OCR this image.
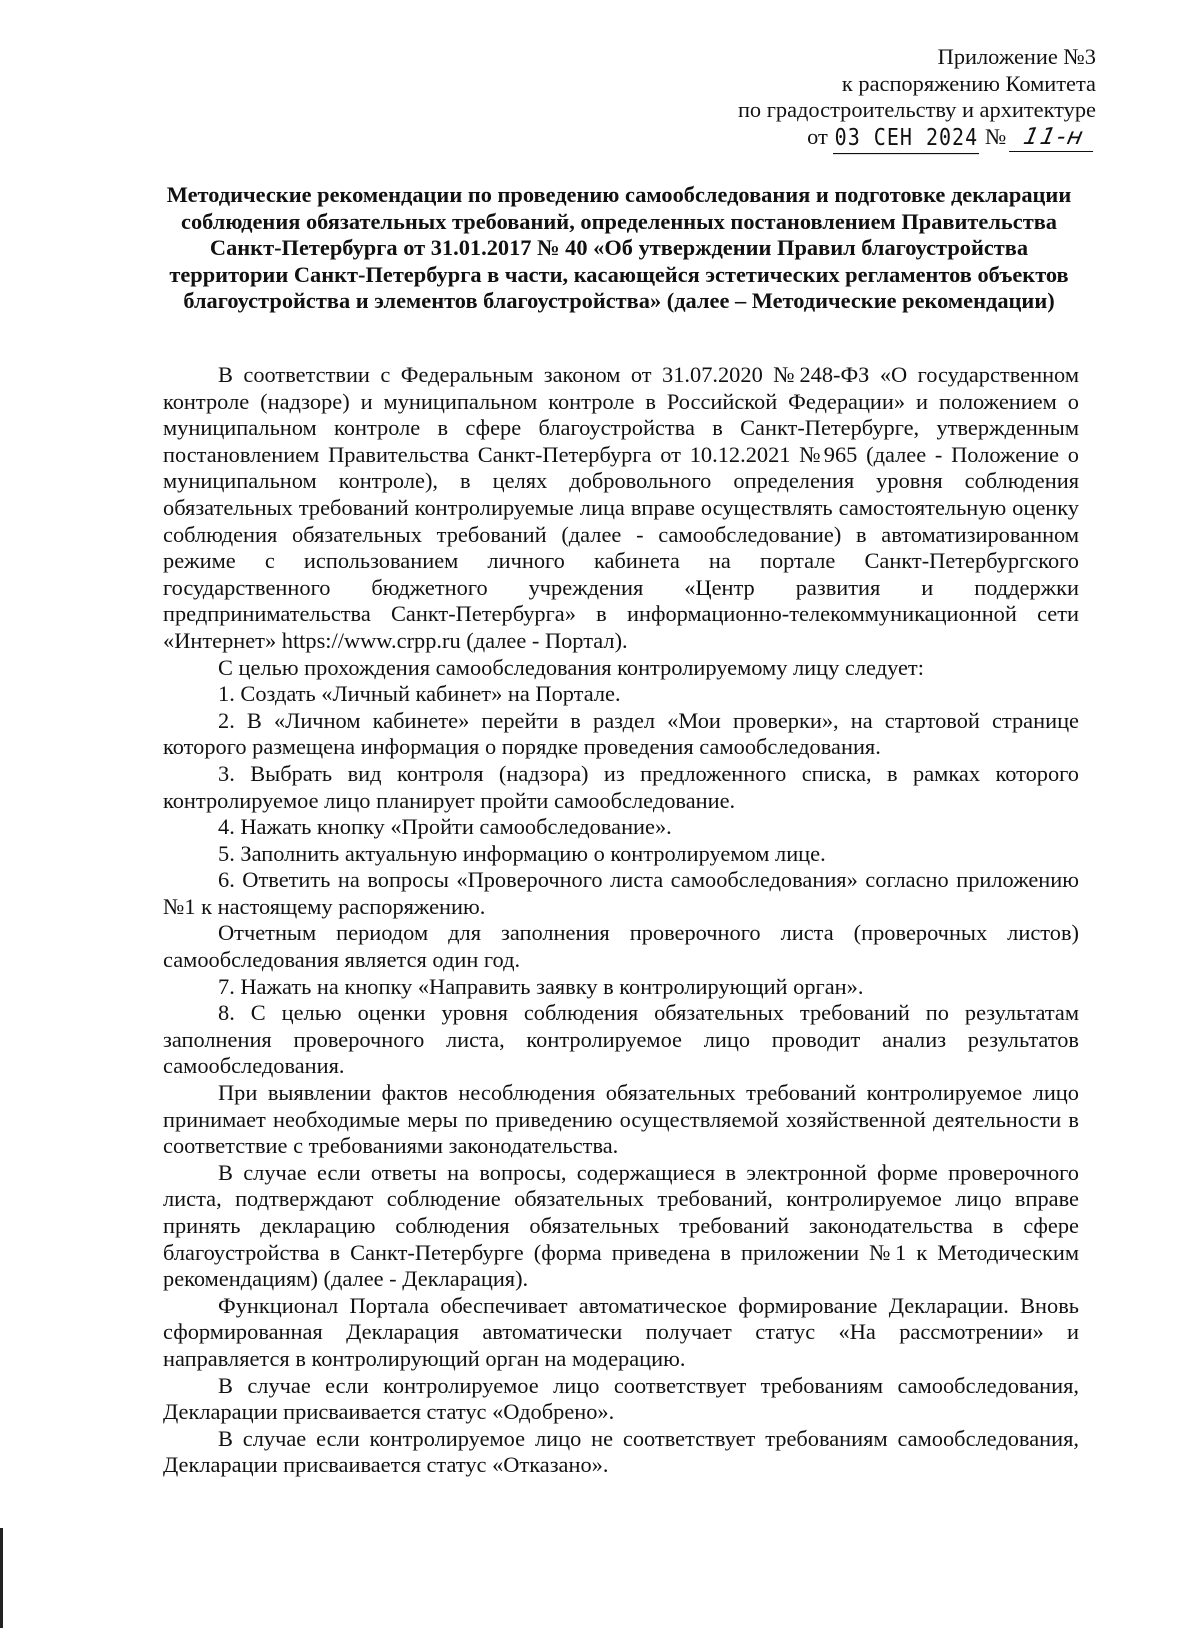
Приложение №3
к распоряжению Комитета
по градостроительству и архитектуре
от 03 СЕН 2024 № 11-н
Методические рекомендации по проведению самообследования и подготовке декларации соблюдения обязательных требований, определенных постановлением Правительства Санкт-Петербурга от 31.01.2017 № 40 «Об утверждении Правил благоустройства территории Санкт-Петербурга в части, касающейся эстетических регламентов объектов благоустройства и элементов благоустройства» (далее – Методические рекомендации)

В соответствии с Федеральным законом от 31.07.2020 №248-ФЗ «О государственном контроле (надзоре) и муниципальном контроле в Российской Федерации» и положением о муниципальном контроле в сфере благоустройства в Санкт-Петербурге, утвержденным постановлением Правительства Санкт-Петербурга от 10.12.2021 №965 (далее - Положение о муниципальном контроле), в целях добровольного определения уровня соблюдения обязательных требований контролируемые лица вправе осуществлять самостоятельную оценку соблюдения обязательных требований (далее - самообследование) в автоматизированном режиме с использованием личного кабинета на портале Санкт-Петербургского государственного бюджетного учреждения «Центр развития и поддержки предпринимательства Санкт-Петербурга» в информационно-телекоммуникационной сети «Интернет» https://www.crpp.ru (далее - Портал).

С целью прохождения самообследования контролируемому лицу следует:

1. Создать «Личный кабинет» на Портале.

2. В «Личном кабинете» перейти в раздел «Мои проверки», на стартовой странице которого размещена информация о порядке проведения самообследования.

3. Выбрать вид контроля (надзора) из предложенного списка, в рамках которого контролируемое лицо планирует пройти самообследование.

4. Нажать кнопку «Пройти самообследование».

5. Заполнить актуальную информацию о контролируемом лице.

6. Ответить на вопросы «Проверочного листа самообследования» согласно приложению №1 к настоящему распоряжению.

Отчетным периодом для заполнения проверочного листа (проверочных листов) самообследования является один год.

7. Нажать на кнопку «Направить заявку в контролирующий орган».

8. С целью оценки уровня соблюдения обязательных требований по результатам заполнения проверочного листа, контролируемое лицо проводит анализ результатов самообследования.

При выявлении фактов несоблюдения обязательных требований контролируемое лицо принимает необходимые меры по приведению осуществляемой хозяйственной деятельности в соответствие с требованиями законодательства.

В случае если ответы на вопросы, содержащиеся в электронной форме проверочного листа, подтверждают соблюдение обязательных требований, контролируемое лицо вправе принять декларацию соблюдения обязательных требований законодательства в сфере благоустройства в Санкт-Петербурге (форма приведена в приложении №1 к Методическим рекомендациям) (далее - Декларация).

Функционал Портала обеспечивает автоматическое формирование Декларации. Вновь сформированная Декларация автоматически получает статус «На рассмотрении» и направляется в контролирующий орган на модерацию.

В случае если контролируемое лицо соответствует требованиям самообследования, Декларации присваивается статус «Одобрено».

В случае если контролируемое лицо не соответствует требованиям самообследования, Декларации присваивается статус «Отказано».
